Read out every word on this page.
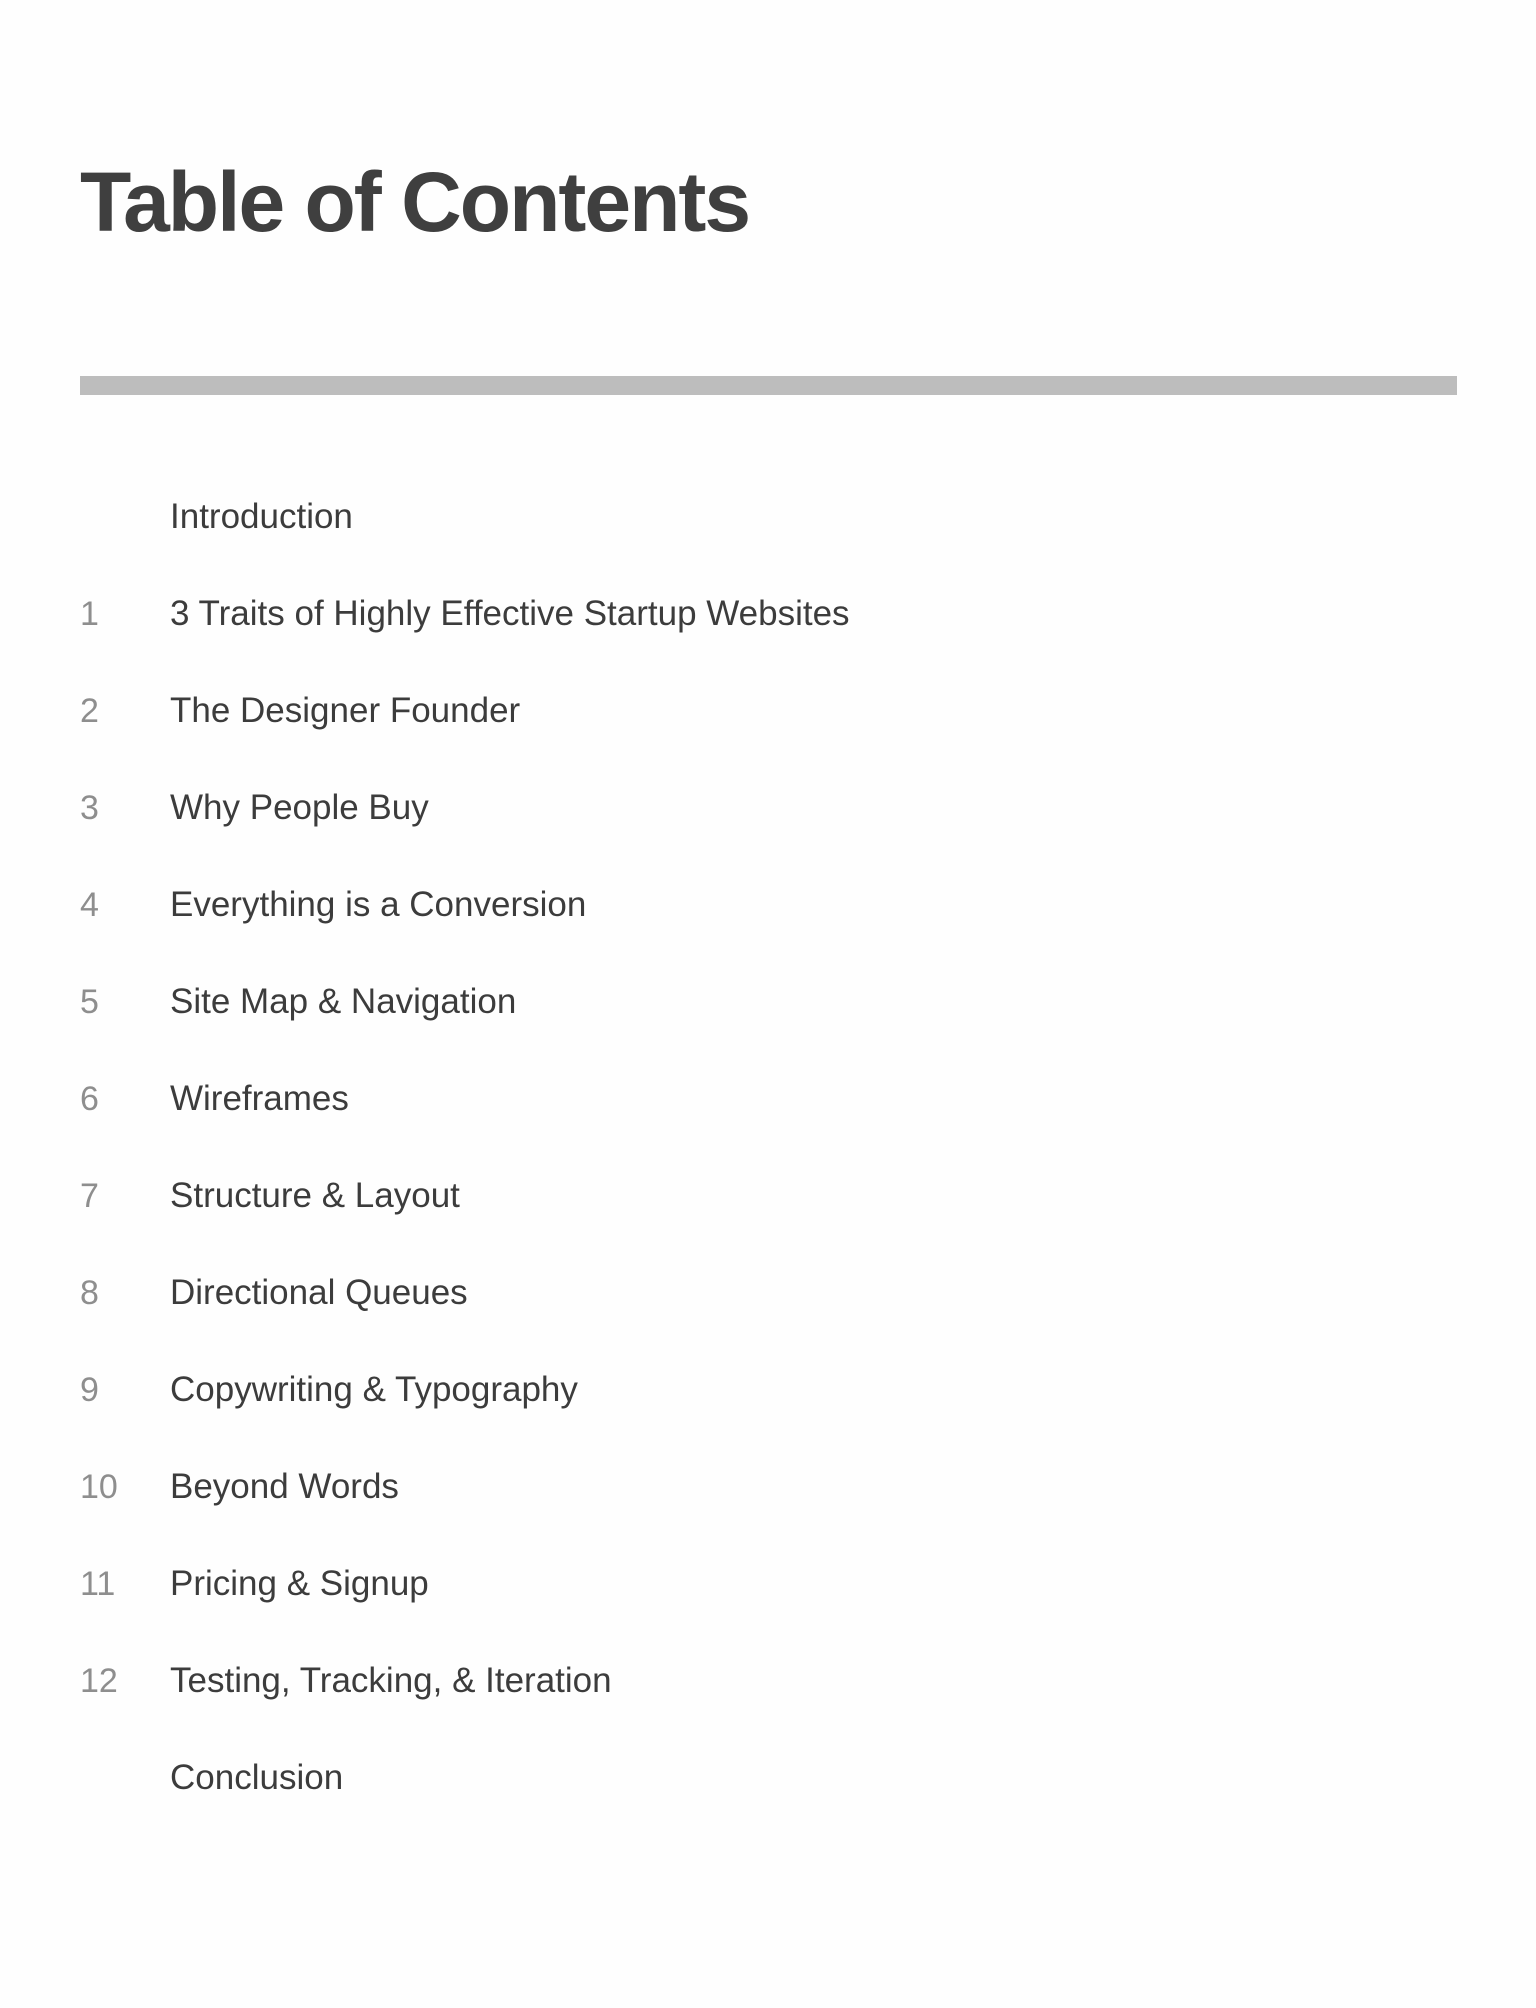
Table of Contents
Introduction
1	3 Traits of Highly Effective Startup Websites
2	The Designer Founder
3	Why People Buy
4	Everything is a Conversion
5	Site Map & Navigation
6	Wireframes
7	Structure & Layout
8	Directional Queues
9	Copywriting & Typography
10	Beyond Words
11	Pricing & Signup
12	Testing, Tracking, & Iteration
Conclusion
